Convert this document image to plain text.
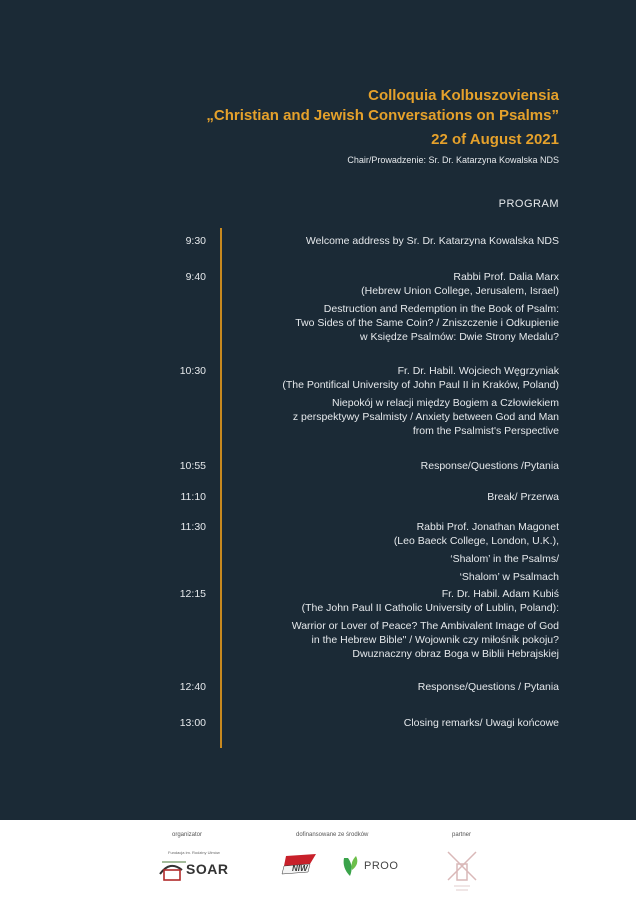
Colloquia Kolbuszoviensia
„Christian and Jewish Conversations on Psalms”
22 of August 2021
Chair/Prowadzenie: Sr. Dr. Katarzyna Kowalska NDS
PROGRAM
9:30	Welcome address by Sr. Dr. Katarzyna Kowalska NDS
9:40	Rabbi Prof. Dalia Marx
(Hebrew Union College, Jerusalem, Israel)
Destruction and Redemption in the Book of Psalm:
Two Sides of the Same Coin? / Zniszczenie i Odkupienie
w Księdze Psalmów: Dwie Strony Medalu?
10:30	Fr. Dr. Habil. Wojciech Węgrzyniak
(The Pontifical University of John Paul II in Kraków, Poland)
Niepokój w relacji między Bogiem a Człowiekiem
z perspektywy Psalmisty / Anxiety between God and Man
from the Psalmist's Perspective
10:55	Response/Questions /Pytania
11:10	Break/ Przerwa
11:30	Rabbi Prof. Jonathan Magonet
(Leo Baeck College, London, U.K.),
‘Shalom’ in the Psalms/
‘Shalom’ w Psalmach
12:15	Fr. Dr. Habil. Adam Kubiś
(The John Paul II Catholic University of Lublin, Poland):
Warrior or Lover of Peace? The Ambivalent Image of God
in the Hebrew Bible" / Wojownik czy miłośnik pokoju?
Dwuznaczny obraz Boga w Biblii Hebrajskiej
12:40	Response/Questions / Pytania
13:00	Closing remarks/ Uwagi końcowe
organizator	dofinansowane ze środków	partner
SOAR
Fundacja im. Rodziny Ulmów
NIW	PROO
